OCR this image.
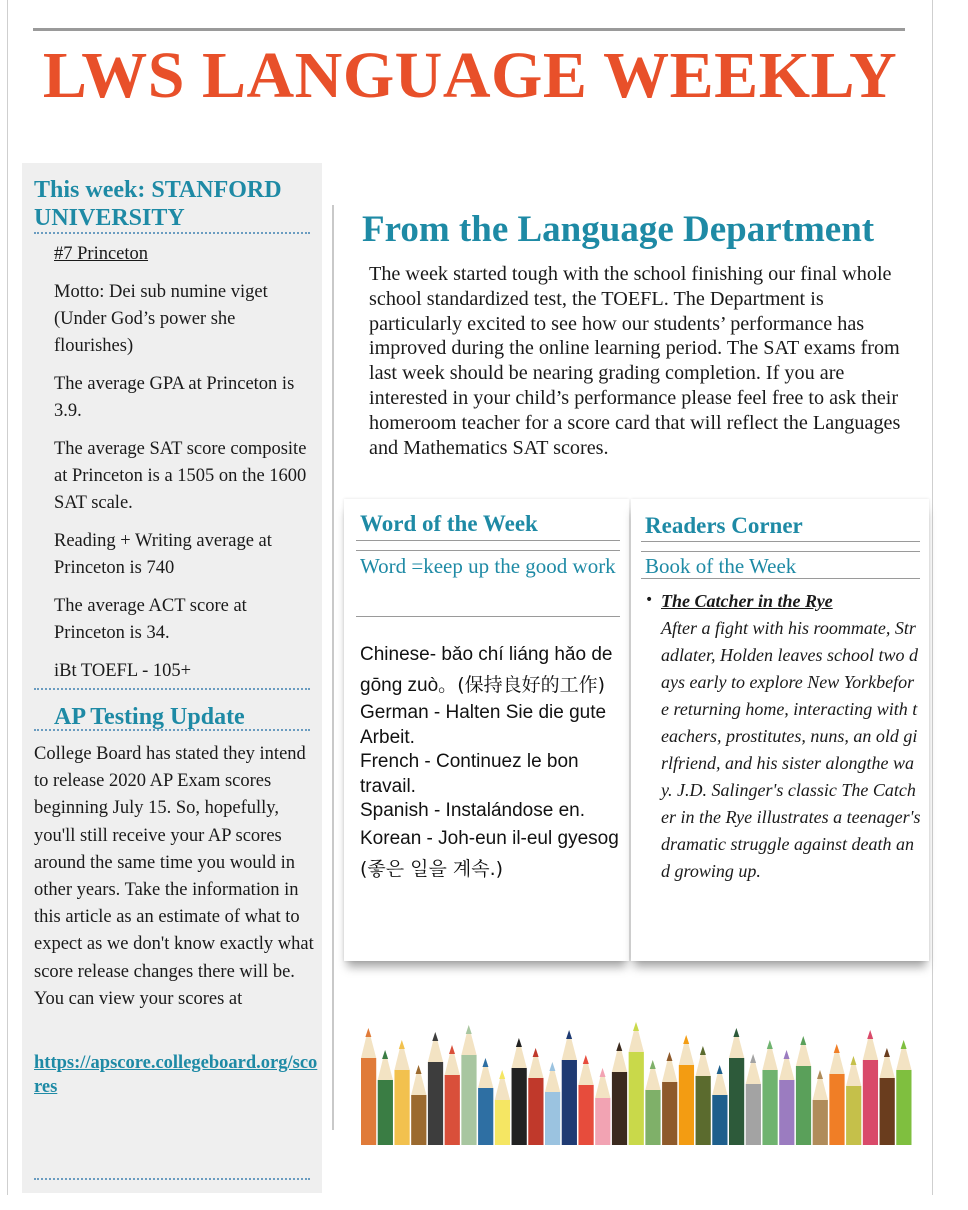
LWS LANGUAGE WEEKLY
This week: STANFORD UNIVERSITY

#7 Princeton

Motto: Dei sub numine viget (Under God’s power she flourishes)

The average GPA at Princeton is 3.9.

The average SAT score composite at Princeton is a 1505 on the 1600 SAT scale.

Reading + Writing average at Princeton is 740

The average ACT score at Princeton is 34.

iBt TOEFL - 105+

AP Testing Update

College Board has stated they intend to release 2020 AP Exam scores beginning July 15. So, hopefully, you'll still receive your AP scores around the same time you would in other years. Take the information in this article as an estimate of what to expect as we don't know exactly what score release changes there will be. You can view your scores at

https://apscore.collegeboard.org/scores
From the Language Department

The week started tough with the school finishing our final whole school standardized test, the TOEFL. The Department is particularly excited to see how our students’ performance has improved during the online learning period. The SAT exams from last week should be nearing grading completion. If you are interested in your child’s performance please feel free to ask their homeroom teacher for a score card that will reflect the Languages and Mathematics SAT scores.

Word of the Week

Word =keep up the good work

Chinese- bǎo chí liáng hǎo de gōng zuò。(保持良好的工作)
German - Halten Sie die gute Arbeit.
French - Continuez le bon travail.
Spanish - Instalándose en.
Korean - Joh-eun il-eul gyesog (좋은 일을 계속.)
Readers Corner

Book of the Week

• The Catcher in the Rye

After a fight with his roommate, Stradlater, Holden leaves school two days early to explore New Yorkbefore returning home, interacting with teachers, prostitutes, nuns, an old girlfriend, and his sister alongthe way. J.D. Salinger's classic The Catcher in the Rye illustrates a teenager's dramatic struggle against death and growing up.
